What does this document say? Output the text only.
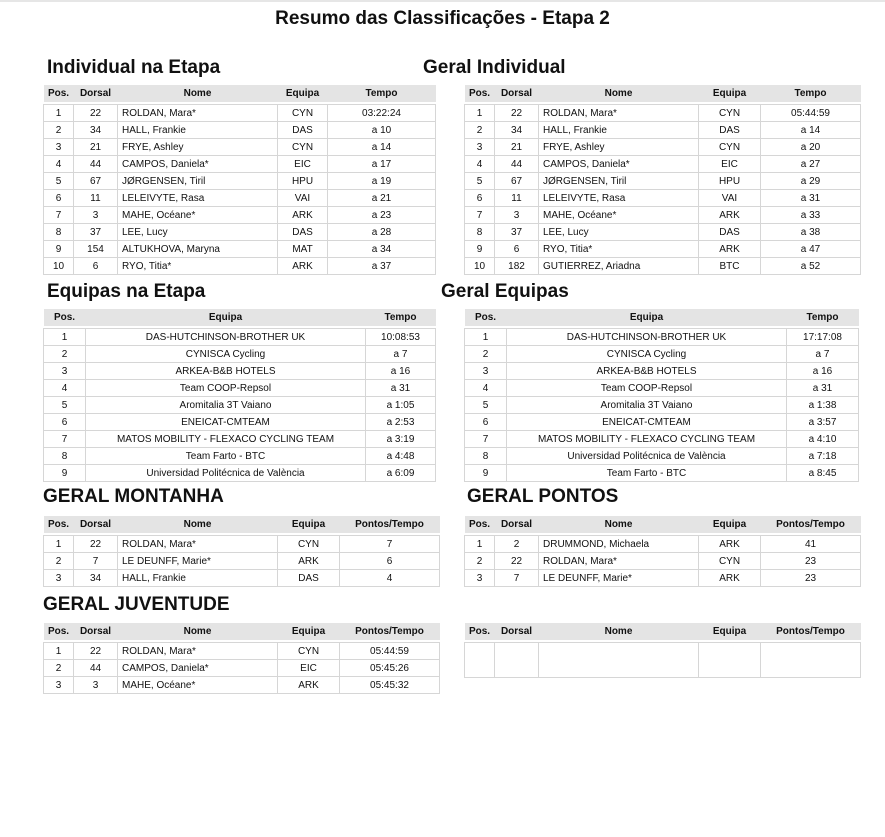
Resumo das Classificações - Etapa 2
Individual na Etapa	Geral Individual
Pos.	Dorsal	Nome	Equipa	Tempo

1	22	ROLDAN, Mara*	CYN	03:22:24
2	34	HALL, Frankie	DAS	a 10
3	21	FRYE, Ashley	CYN	a 14
4	44	CAMPOS, Daniela*	EIC	a 17
5	67	JØRGENSEN, Tiril	HPU	a 19
6	11	LELEIVYTE, Rasa	VAI	a 21
7	3	MAHE, Océane*	ARK	a 23
8	37	LEE, Lucy	DAS	a 28
9	154	ALTUKHOVA, Maryna	MAT	a 34
10	6	RYO, Titia*	ARK	a 37
Pos.	Dorsal	Nome	Equipa	Tempo

1	22	ROLDAN, Mara*	CYN	05:44:59
2	34	HALL, Frankie	DAS	a 14
3	21	FRYE, Ashley	CYN	a 20
4	44	CAMPOS, Daniela*	EIC	a 27
5	67	JØRGENSEN, Tiril	HPU	a 29
6	11	LELEIVYTE, Rasa	VAI	a 31
7	3	MAHE, Océane*	ARK	a 33
8	37	LEE, Lucy	DAS	a 38
9	6	RYO, Titia*	ARK	a 47
10	182	GUTIERREZ, Ariadna	BTC	a 52
Equipas na Etapa	Geral Equipas
Pos.	Equipa	Tempo

1	DAS-HUTCHINSON-BROTHER UK	10:08:53
2	CYNISCA Cycling	a 7
3	ARKEA-B&B HOTELS	a 16
4	Team COOP-Repsol	a 31
5	Aromitalia 3T Vaiano	a 1:05
6	ENEICAT-CMTEAM	a 2:53
7	MATOS MOBILITY - FLEXACO CYCLING TEAM	a 3:19
8	Team Farto - BTC	a 4:48
9	Universidad Politécnica de València	a 6:09
Pos.	Equipa	Tempo

1	DAS-HUTCHINSON-BROTHER UK	17:17:08
2	CYNISCA Cycling	a 7
3	ARKEA-B&B HOTELS	a 16
4	Team COOP-Repsol	a 31
5	Aromitalia 3T Vaiano	a 1:38
6	ENEICAT-CMTEAM	a 3:57
7	MATOS MOBILITY - FLEXACO CYCLING TEAM	a 4:10
8	Universidad Politécnica de València	a 7:18
9	Team Farto - BTC	a 8:45
GERAL MONTANHA	GERAL PONTOS
Pos.	Dorsal	Nome	Equipa	Pontos/Tempo

1	22	ROLDAN, Mara*	CYN	7
2	7	LE DEUNFF, Marie*	ARK	6
3	34	HALL, Frankie	DAS	4
Pos.	Dorsal	Nome	Equipa	Pontos/Tempo

1	2	DRUMMOND, Michaela	ARK	41
2	22	ROLDAN, Mara*	CYN	23
3	7	LE DEUNFF, Marie*	ARK	23
GERAL JUVENTUDE
Pos.	Dorsal	Nome	Equipa	Pontos/Tempo

1	22	ROLDAN, Mara*	CYN	05:44:59
2	44	CAMPOS, Daniela*	EIC	05:45:26
3	3	MAHE, Océane*	ARK	05:45:32
Pos.	Dorsal	Nome	Equipa	Pontos/Tempo
